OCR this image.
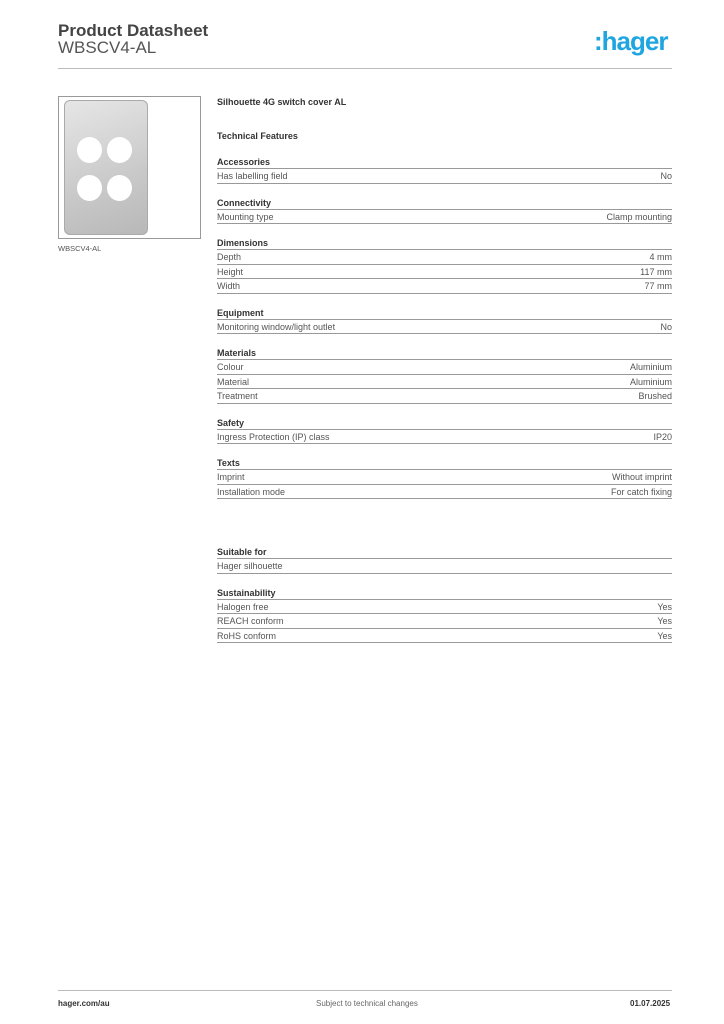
Product Datasheet
WBSCV4-AL	:hager
WBSCV4-AL
Silhouette 4G switch cover AL
Technical Features
Accessories
Has labelling field	No
Connectivity
Mounting type	Clamp mounting
Dimensions
Depth	4 mm
Height	117 mm
Width	77 mm
Equipment
Monitoring window/light outlet	No
Materials
Colour	Aluminium
Material	Aluminium
Treatment	Brushed
Safety
Ingress Protection (IP) class	IP20
Texts
Imprint	Without imprint
Installation mode	For catch fixing
Suitable for
Hager silhouette
Sustainability
Halogen free	Yes
REACH conform	Yes
RoHS conform	Yes
hager.com/au	Subject to technical changes	01.07.2025
